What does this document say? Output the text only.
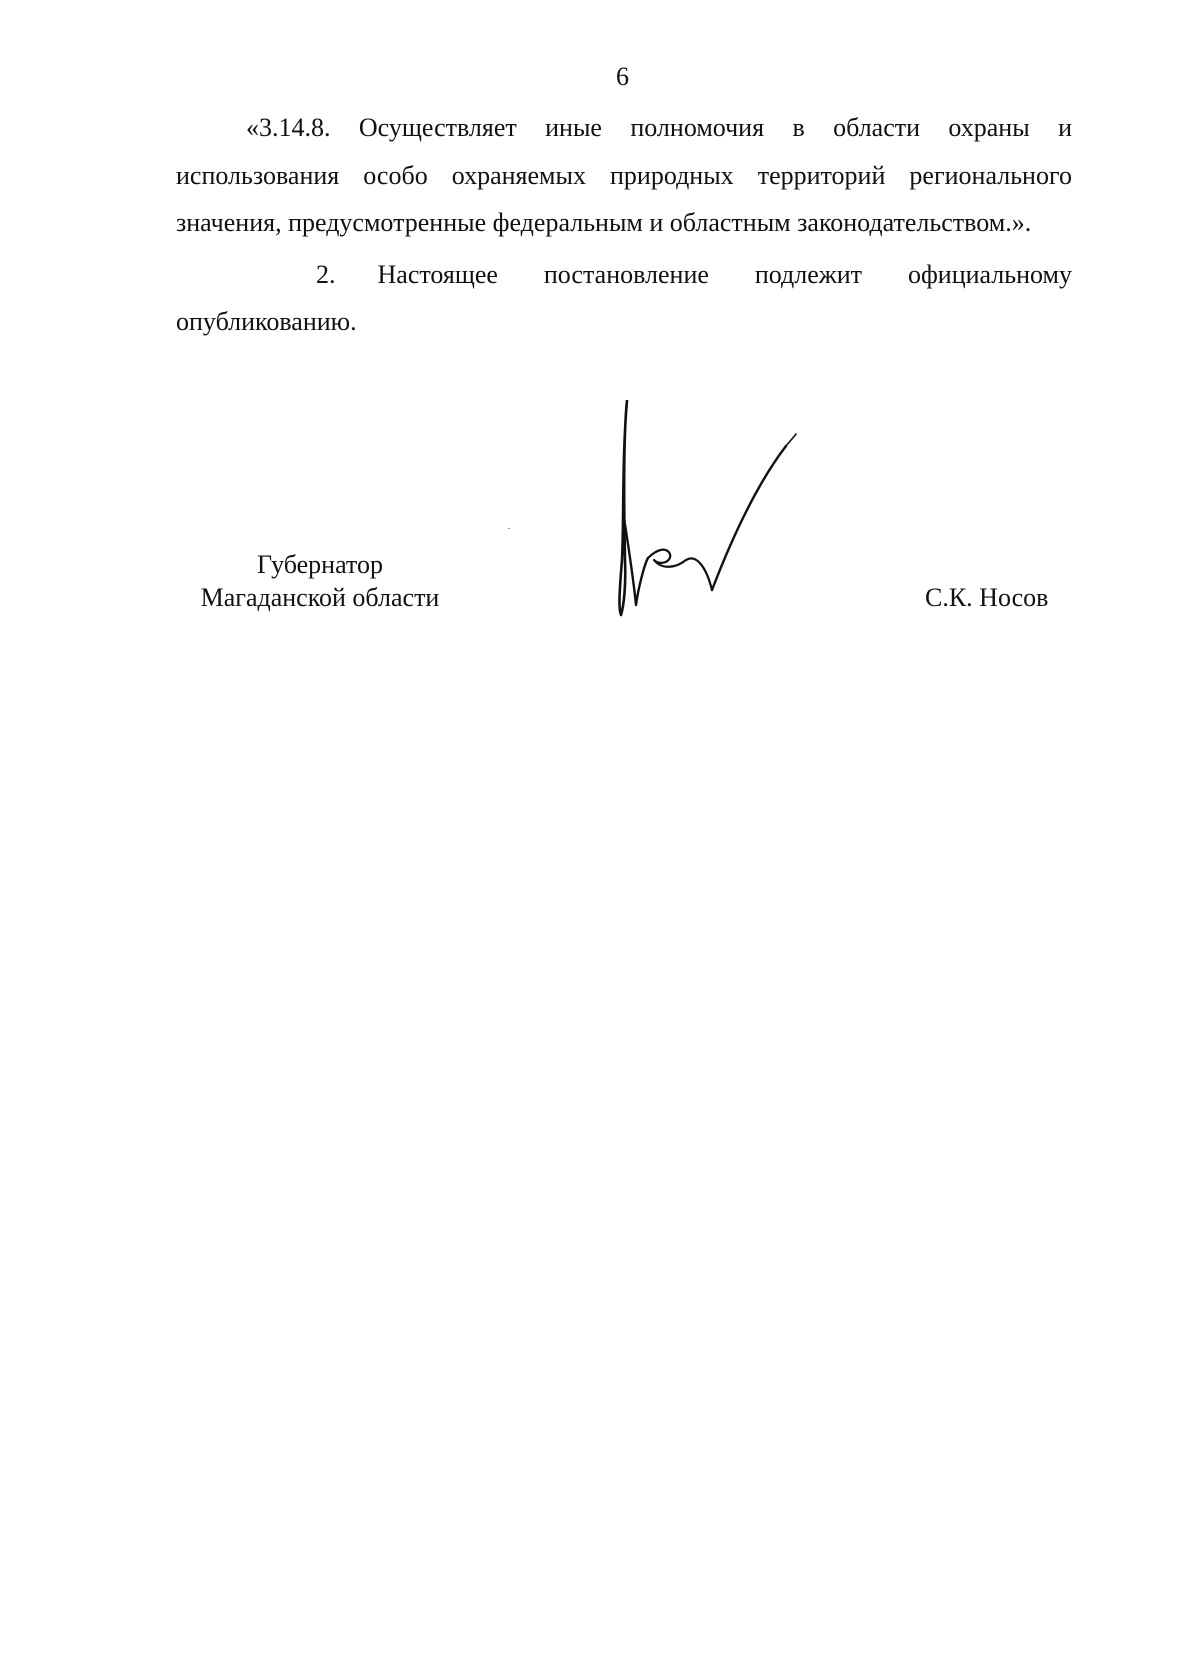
6

«3.14.8. Осуществляет иные полномочия в области охраны и использования особо охраняемых природных территорий регионального значения, предусмотренные федеральным и областным законодательством.».

2. Настоящее постановление подлежит официальному опубликованию.

Губернатор
Магаданской области	С.К. Носов
